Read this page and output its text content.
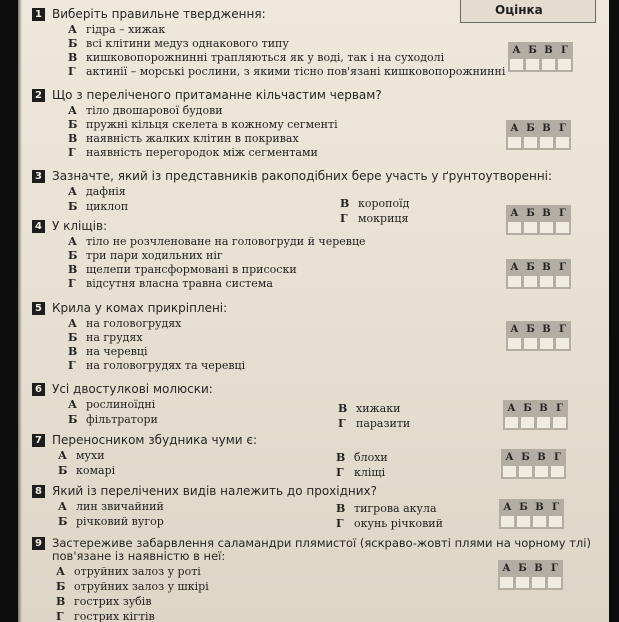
Оцінка
1 Виберіть правильне твердження:
А гідра – хижак
Б всі клітини медуз однакового типу
В кишковопорожнинні трапляються як у воді, так і на суходолі
Г актинії – морські рослини, з якими тісно пов'язані кишковопорожнинні
А	Б	В	Г

2 Що з переліченого притаманне кільчастим червам?
А тіло двошарової будови
Б пружні кільця скелета в кожному сегменті
В наявність жалких клітин в покривах
Г наявність перегородок між сегментами
А	Б	В	Г

3 Зазначте, який із представників ракоподібних бере участь у ґрунтоутворенні:
А дафнія
Б циклоп	В коропоїд
Г мокриця	А	Б	В	Г

4 У кліщів:
А тіло не розчленоване на головогруди й черевце
Б три пари ходильних ніг
В щелепи трансформовані в присоски
Г відсутня власна травна система
А	Б	В	Г

5 Крила у комах прикріплені:
А на головогрудях
Б на грудях
В на черевці
Г на головогрудях та черевці
А	Б	В	Г

6 Усі двостулкові молюски:
А рослиноїдні
Б фільтратори
В хижаки
Г паразити
А	Б	В	Г

7 Переносником збудника чуми є:
А мухи
Б комарі
В блохи
Г кліщі
А	Б	В	Г

8 Який із перелічених видів належить до прохідних?
А лин звичайний
Б річковий вугор
В тигрова акула
Г окунь річковий
А	Б	В	Г

9 Застереживе забарвлення саламандри плямистої (яскраво-жовті плями на чорному тлі)
пов'язане із наявністю в неї:
А отруйних залоз у роті
Б отруйних залоз у шкірі
В гострих зубів
Г гострих кігтів
А	Б	В	Г
